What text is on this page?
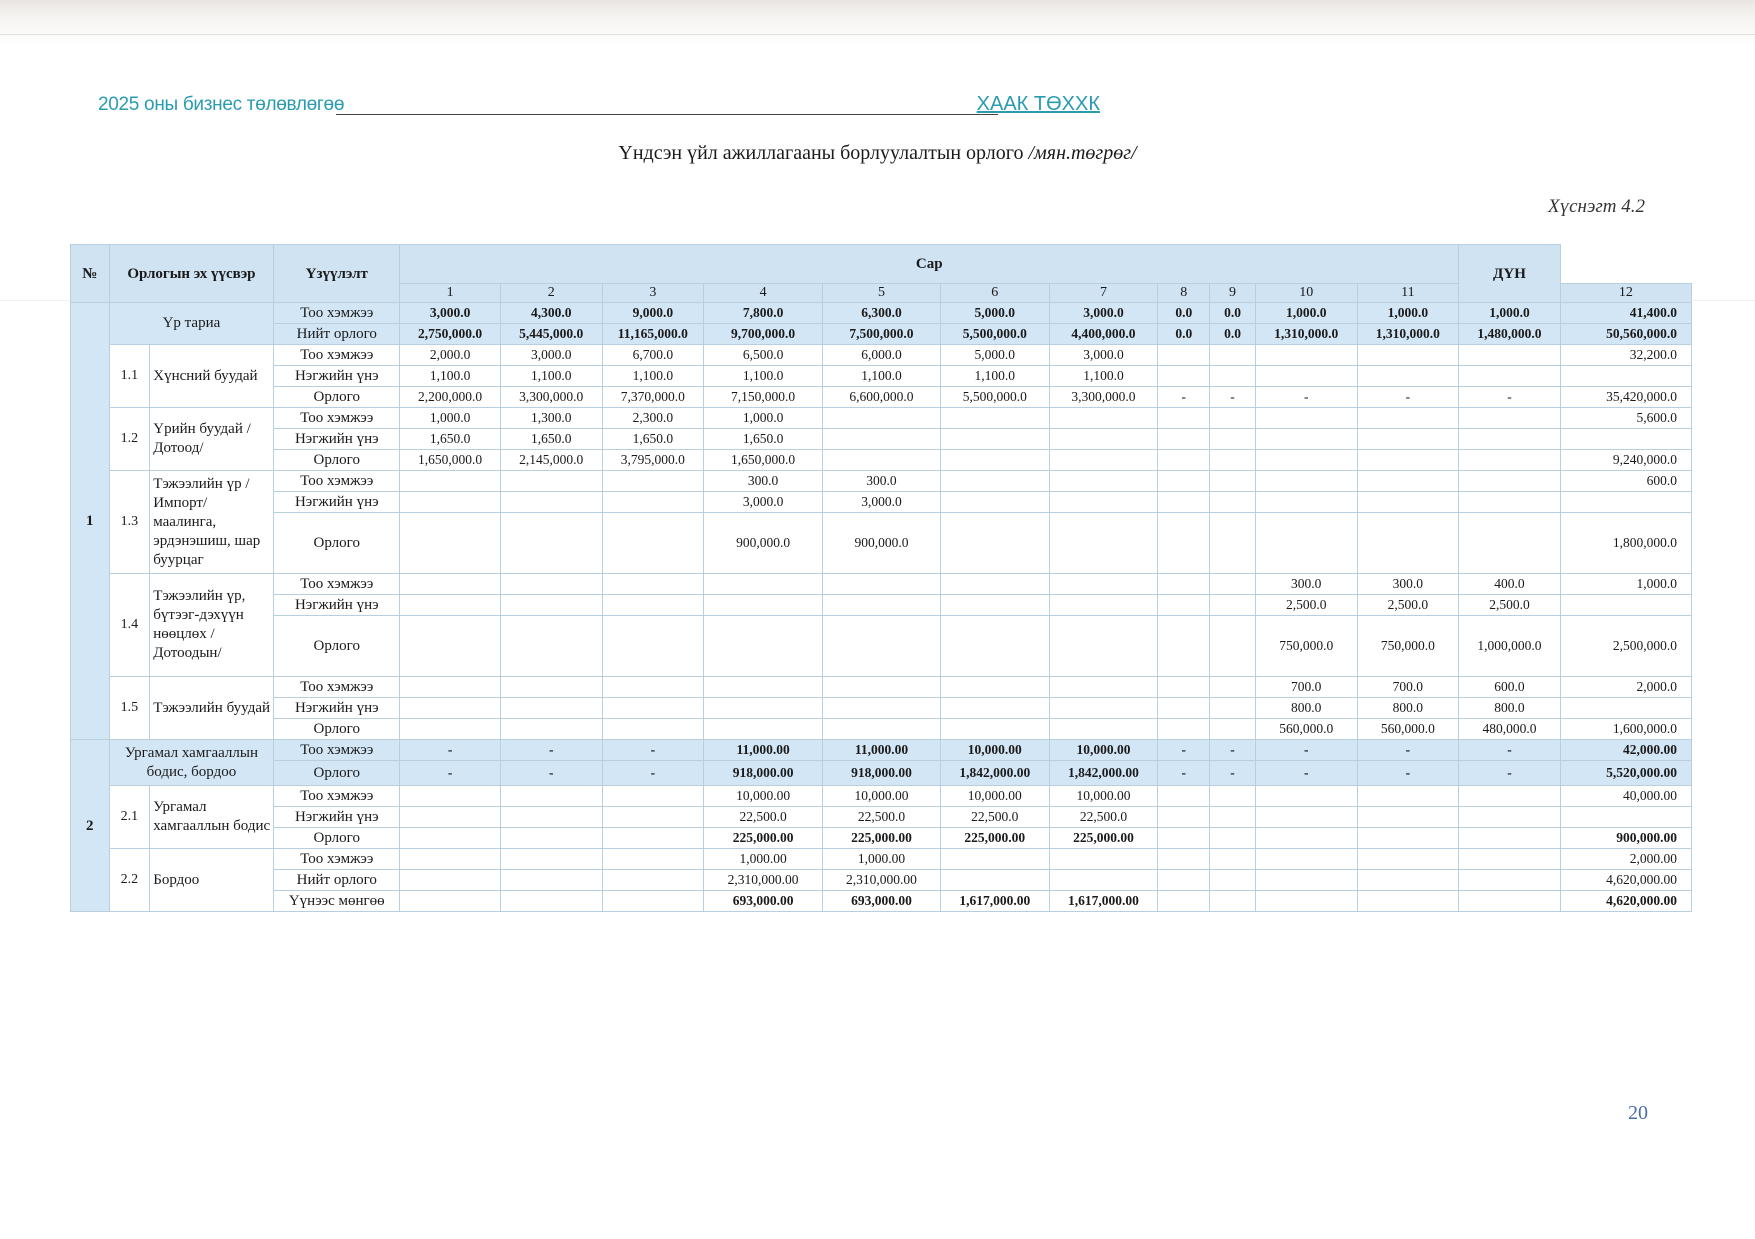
2025 оны бизнес төлөвлөгөө	ХААК ТӨХХК
Үндсэн үйл ажиллагааны борлуулалтын орлого /мян.төгрөг/
Хүснэгт 4.2
№	Орлогын эх үүсвэр		Үзүүлэлт	Сар											ДҮН	
				1	2	3	4	5	6	7	8	9	10	11		12
1	Үр тариа		Тоо хэмжээ	3,000.0	4,300.0	9,000.0	7,800.0	6,300.0	5,000.0	3,000.0	0.0	0.0	1,000.0	1,000.0	1,000.0	41,400.0
			Нийт орлого	2,750,000.0	5,445,000.0	11,165,000.0	9,700,000.0	7,500,000.0	5,500,000.0	4,400,000.0	0.0	0.0	1,310,000.0	1,310,000.0	1,480,000.0	50,560,000.0
	1.1	Хүнсний буудай	Тоо хэмжээ	2,000.0	3,000.0	6,700.0	6,500.0	6,000.0	5,000.0	3,000.0						32,200.0
			Нэгжийн үнэ	1,100.0	1,100.0	1,100.0	1,100.0	1,100.0	1,100.0	1,100.0						
			Орлого	2,200,000.0	3,300,000.0	7,370,000.0	7,150,000.0	6,600,000.0	5,500,000.0	3,300,000.0	-	-	-	-	-	35,420,000.0
	1.2	Үрийн буудай /Дотоод/	Тоо хэмжээ	1,000.0	1,300.0	2,300.0	1,000.0									5,600.0
			Нэгжийн үнэ	1,650.0	1,650.0	1,650.0	1,650.0									
			Орлого	1,650,000.0	2,145,000.0	3,795,000.0	1,650,000.0									9,240,000.0
	1.3	Тэжээлийн үр /Импорт/ маалинга, эрдэнэшиш, шар буурцаг	Тоо хэмжээ				300.0	300.0								600.0
			Нэгжийн үнэ				3,000.0	3,000.0								
			Орлого				900,000.0	900,000.0								1,800,000.0
	1.4	Тэжээлийн үр, бүтээг-дэхүүн нөөцлөх /Дотоодын/	Тоо хэмжээ										300.0	300.0	400.0	1,000.0
			Нэгжийн үнэ										2,500.0	2,500.0	2,500.0	
			Орлого										750,000.0	750,000.0	1,000,000.0	2,500,000.0
	1.5	Тэжээлийн буудай	Тоо хэмжээ										700.0	700.0	600.0	2,000.0
			Нэгжийн үнэ										800.0	800.0	800.0	
			Орлого										560,000.0	560,000.0	480,000.0	1,600,000.0
2	Ургамал хамгааллын бодис, бордоо		Тоо хэмжээ	-	-	-	11,000.00	11,000.00	10,000.00	10,000.00	-	-	-	-	-	42,000.00
			Орлого	-	-	-	918,000.00	918,000.00	1,842,000.00	1,842,000.00	-	-	-	-	-	5,520,000.00
	2.1	Ургамал хамгааллын бодис	Тоо хэмжээ				10,000.00	10,000.00	10,000.00	10,000.00						40,000.00
			Нэгжийн үнэ				22,500.0	22,500.0	22,500.0	22,500.0						
			Орлого				225,000.00	225,000.00	225,000.00	225,000.00						900,000.00
	2.2	Бордоо	Тоо хэмжээ				1,000.00	1,000.00								2,000.00
			Нийт орлого				2,310,000.00	2,310,000.00								4,620,000.00
			Үүнээс мөнгөө				693,000.00	693,000.00	1,617,000.00	1,617,000.00						4,620,000.00
20
